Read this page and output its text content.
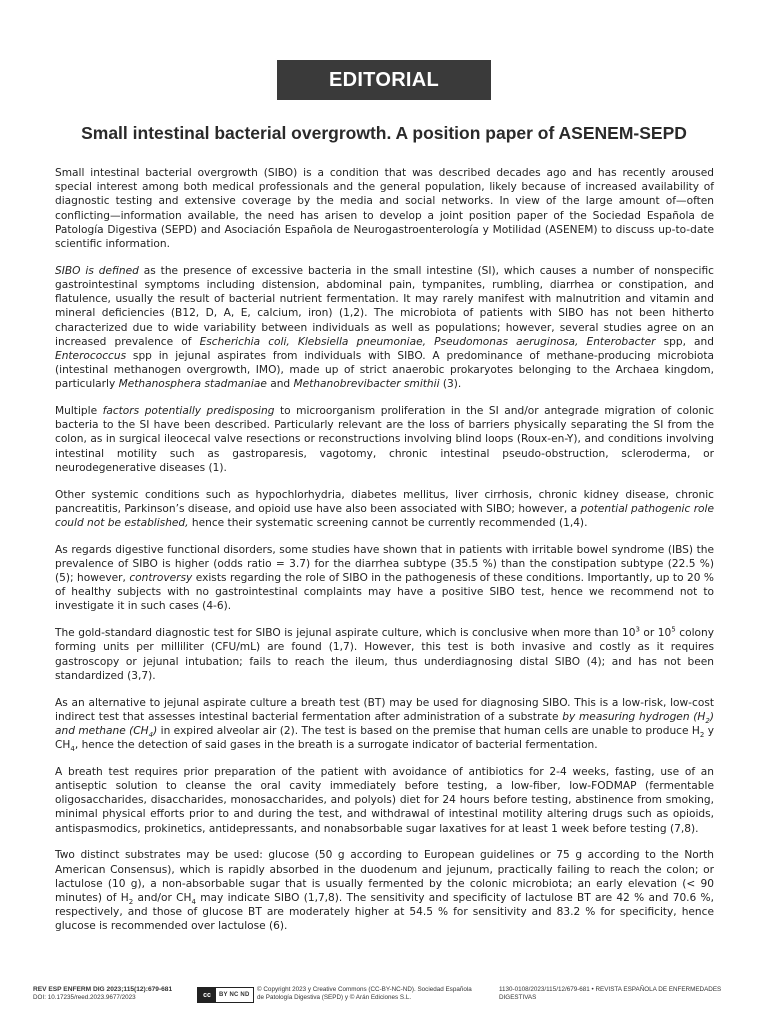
EDITORIAL
Small intestinal bacterial overgrowth. A position paper of ASENEM-SEPD

Small intestinal bacterial overgrowth (SIBO) is a condition that was described decades ago and has recently aroused special interest among both medical professionals and the general population, likely because of increased availability of diagnostic testing and extensive coverage by the media and social networks. In view of the large amount of—often conflicting—information available, the need has arisen to develop a joint position paper of the Sociedad Española de Patología Digestiva (SEPD) and Asociación Española de Neurogastroenterología y Motilidad (ASENEM) to discuss up-to-date scientific information.

SIBO is defined as the presence of excessive bacteria in the small intestine (SI), which causes a number of nonspecific gastrointestinal symptoms including distension, abdominal pain, tympanites, rumbling, diarrhea or constipation, and flatulence, usually the result of bacterial nutrient fermentation. It may rarely manifest with malnutrition and vitamin and mineral deficiencies (B12, D, A, E, calcium, iron) (1,2). The microbiota of patients with SIBO has not been hitherto characterized due to wide variability between individuals as well as populations; however, several studies agree on an increased prevalence of Escherichia coli, Klebsiella pneumoniae, Pseudomonas aeruginosa, Enterobacter spp, and Enterococcus spp in jejunal aspirates from individuals with SIBO. A predominance of methane-producing microbiota (intestinal methanogen overgrowth, IMO), made up of strict anaerobic prokaryotes belonging to the Archaea kingdom, particularly Methanosphera stadmaniae and Methanobrevibacter smithii (3).

Multiple factors potentially predisposing to microorganism proliferation in the SI and/or antegrade migration of colonic bacteria to the SI have been described. Particularly relevant are the loss of barriers physically separating the SI from the colon, as in surgical ileocecal valve resections or reconstructions involving blind loops (Roux-en-Y), and conditions involving intestinal motility such as gastroparesis, vagotomy, chronic intestinal pseudo-obstruction, scleroderma, or neurodegenerative diseases (1).

Other systemic conditions such as hypochlorhydria, diabetes mellitus, liver cirrhosis, chronic kidney disease, chronic pancreatitis, Parkinson’s disease, and opioid use have also been associated with SIBO; however, a potential pathogenic role could not be established, hence their systematic screening cannot be currently recommended (1,4).

As regards digestive functional disorders, some studies have shown that in patients with irritable bowel syndrome (IBS) the prevalence of SIBO is higher (odds ratio = 3.7) for the diarrhea subtype (35.5 %) than the constipation subtype (22.5 %) (5); however, controversy exists regarding the role of SIBO in the pathogenesis of these conditions. Importantly, up to 20 % of healthy subjects with no gastrointestinal complaints may have a positive SIBO test, hence we recommend not to investigate it in such cases (4-6).

The gold-standard diagnostic test for SIBO is jejunal aspirate culture, which is conclusive when more than $10^3$ or $10^5$ colony forming units per milliliter (CFU/mL) are found (1,7). However, this test is both invasive and costly as it requires gastroscopy or jejunal intubation; fails to reach the ileum, thus underdiagnosing distal SIBO (4); and has not been standardized (3,7).

As an alternative to jejunal aspirate culture a breath test (BT) may be used for diagnosing SIBO. This is a low-risk, low-cost indirect test that assesses intestinal bacterial fermentation after administration of a substrate by measuring hydrogen $(H_2)$ and methane $(CH_4)$ in expired alveolar air (2). The test is based on the premise that human cells are unable to produce $H_2$ y $CH_4$, hence the detection of said gases in the breath is a surrogate indicator of bacterial fermentation.

A breath test requires prior preparation of the patient with avoidance of antibiotics for 2-4 weeks, fasting, use of an antiseptic solution to cleanse the oral cavity immediately before testing, a low-fiber, low-FODMAP (fermentable oligosaccharides, disaccharides, monosaccharides, and polyols) diet for 24 hours before testing, abstinence from smoking, minimal physical efforts prior to and during the test, and withdrawal of intestinal motility altering drugs such as opioids, antispasmodics, prokinetics, antidepressants, and nonabsorbable sugar laxatives for at least 1 week before testing (7,8).

Two distinct substrates may be used: glucose (50 g according to European guidelines or 75 g according to the North American Consensus), which is rapidly absorbed in the duodenum and jejunum, practically failing to reach the colon; or lactulose (10 g), a non-absorbable sugar that is usually fermented by the colonic microbiota; an early elevation (< 90 minutes) of $H_2$ and/or $CH_4$ may indicate SIBO (1,7,8). The sensitivity and specificity of lactulose BT are 42 % and 70.6 %, respectively, and those of glucose BT are moderately higher at 54.5 % for sensitivity and 83.2 % for specificity, hence glucose is recommended over lactulose (6).

REV ESP ENFERM DIG 2023;115(12):679-681
DOI: 10.17235/reed.2023.9677/2023	cc	BY NC ND
© Copyright 2023 y Creative Commons (CC-BY-NC-ND). Sociedad Española
de Patología Digestiva (SEPD) y © Arán Ediciones S.L.
1130-0108/2023/115/12/679-681 • REVISTA ESPAÑOLA DE ENFERMEDADES DIGESTIVAS
